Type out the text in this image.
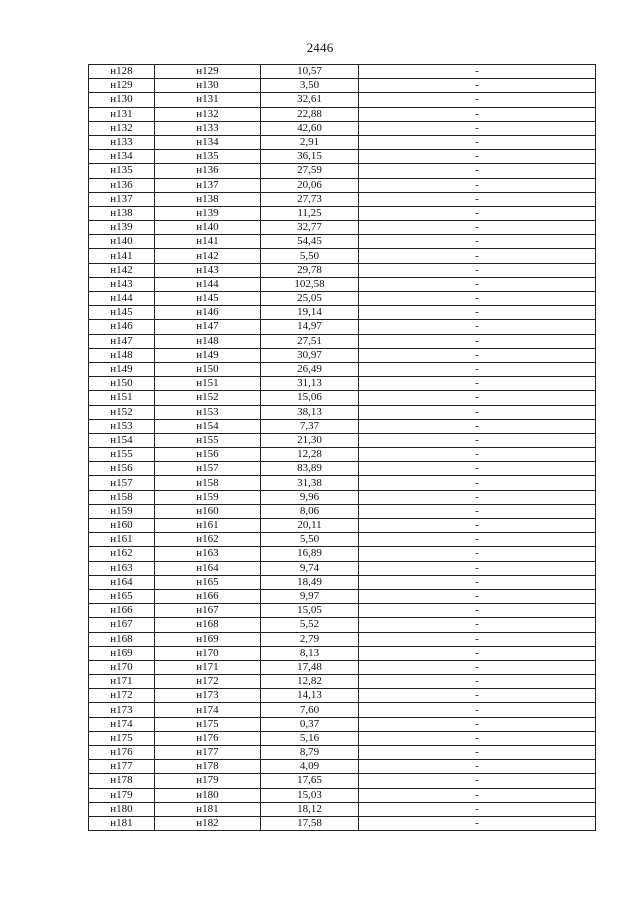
2446
н128	н129	10,57	-
н129	н130	3,50	-
н130	н131	32,61	-
н131	н132	22,88	-
н132	н133	42,60	-
н133	н134	2,91	-
н134	н135	36,15	-
н135	н136	27,59	-
н136	н137	20,06	-
н137	н138	27,73	-
н138	н139	11,25	-
н139	н140	32,77	-
н140	н141	54,45	-
н141	н142	5,50	-
н142	н143	29,78	-
н143	н144	102,58	-
н144	н145	25,05	-
н145	н146	19,14	-
н146	н147	14,97	-
н147	н148	27,51	-
н148	н149	30,97	-
н149	н150	26,49	-
н150	н151	31,13	-
н151	н152	15,06	-
н152	н153	38,13	-
н153	н154	7,37	-
н154	н155	21,30	-
н155	н156	12,28	-
н156	н157	83,89	-
н157	н158	31,38	-
н158	н159	9,96	-
н159	н160	8,06	-
н160	н161	20,11	-
н161	н162	5,50	-
н162	н163	16,89	-
н163	н164	9,74	-
н164	н165	18,49	-
н165	н166	9,97	-
н166	н167	15,05	-
н167	н168	5,52	-
н168	н169	2,79	-
н169	н170	8,13	-
н170	н171	17,48	-
н171	н172	12,82	-
н172	н173	14,13	-
н173	н174	7,60	-
н174	н175	0,37	-
н175	н176	5,16	-
н176	н177	8,79	-
н177	н178	4,09	-
н178	н179	17,65	-
н179	н180	15,03	-
н180	н181	18,12	-
н181	н182	17,58	-
